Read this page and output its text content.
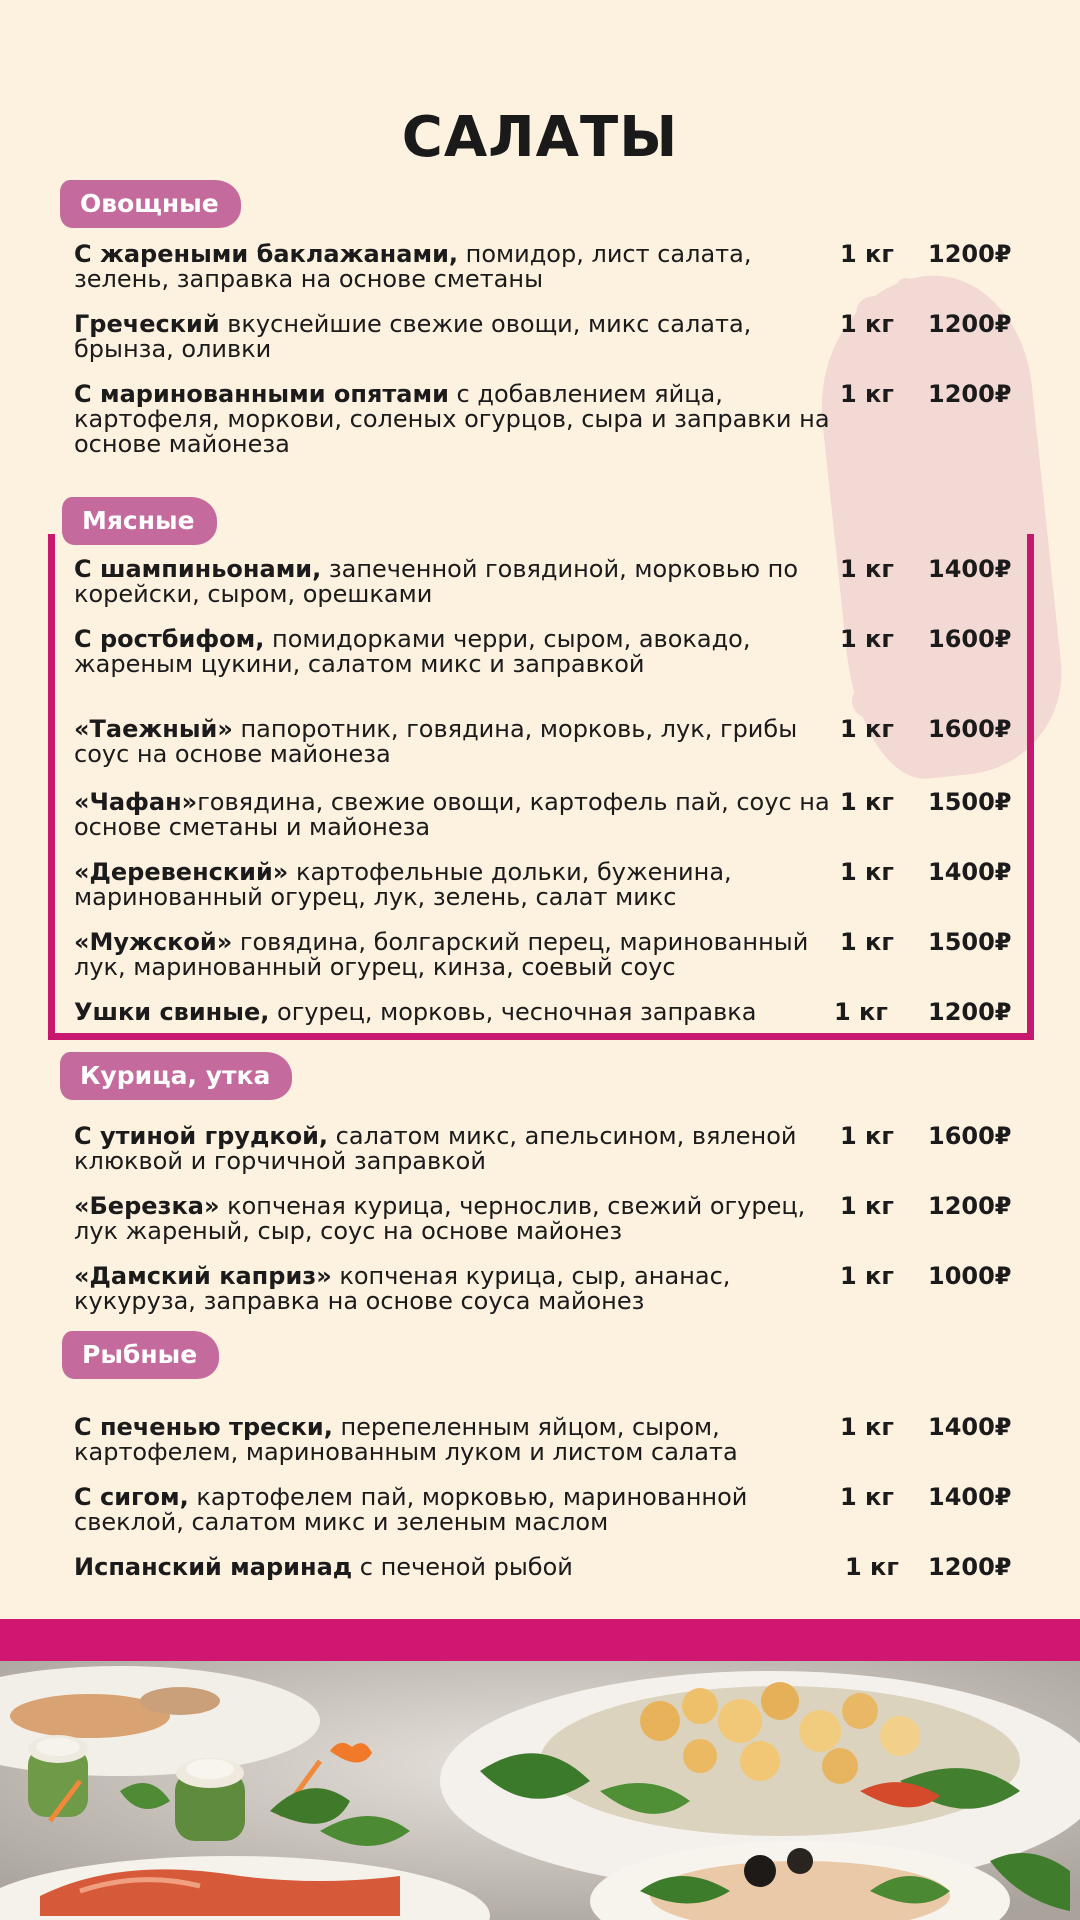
САЛАТЫ
Овощные
Мясные
Курица, утка
Рыбные
С жареными баклажанами, помидор, лист салата, зелень, заправка на основе сметаны
1 кг 1200₽
Греческий вкуснейшие свежие овощи, микс салата, брынза, оливки
1 кг 1200₽
С маринованными опятами с добавлением яйца, картофеля, моркови, соленых огурцов, сыра и заправки на основе майонеза
1 кг 1200₽
С шампиньонами, запеченной говядиной, морковью по корейски, сыром, орешками
1 кг 1400₽
С ростбифом, помидорками черри, сыром, авокадо, жареным цукини, салатом микс и заправкой
1 кг 1600₽
«Таежный» папоротник, говядина, морковь, лук, грибы соус на основе майонеза
1 кг 1600₽
«Чафан»говядина, свежие овощи, картофель пай, соус на основе сметаны и майонеза
1 кг 1500₽
«Деревенский» картофельные дольки, буженина, маринованный огурец, лук, зелень, салат микс
1 кг 1400₽
«Мужской» говядина, болгарский перец, маринованный лук, маринованный огурец, кинза, соевый соус
1 кг 1500₽
Ушки свиные, огурец, морковь, чесночная заправка	1 кг 1200₽
С утиной грудкой, салатом микс, апельсином, вяленой клюквой и горчичной заправкой
1 кг 1600₽
«Березка» копченая курица, чернослив, свежий огурец, лук жареный, сыр, соус на основе майонез
1 кг 1200₽
«Дамский каприз» копченая курица, сыр, ананас, кукуруза, заправка на основе соуса майонез
1 кг 1000₽
С печенью трески, перепеленным яйцом, сыром, картофелем, маринованным луком и листом салата
1 кг 1400₽
С сигом, картофелем пай, морковью, маринованной свеклой, салатом микс и зеленым маслом
1 кг 1400₽
Испанский маринад с печеной рыбой	1 кг 1200₽
